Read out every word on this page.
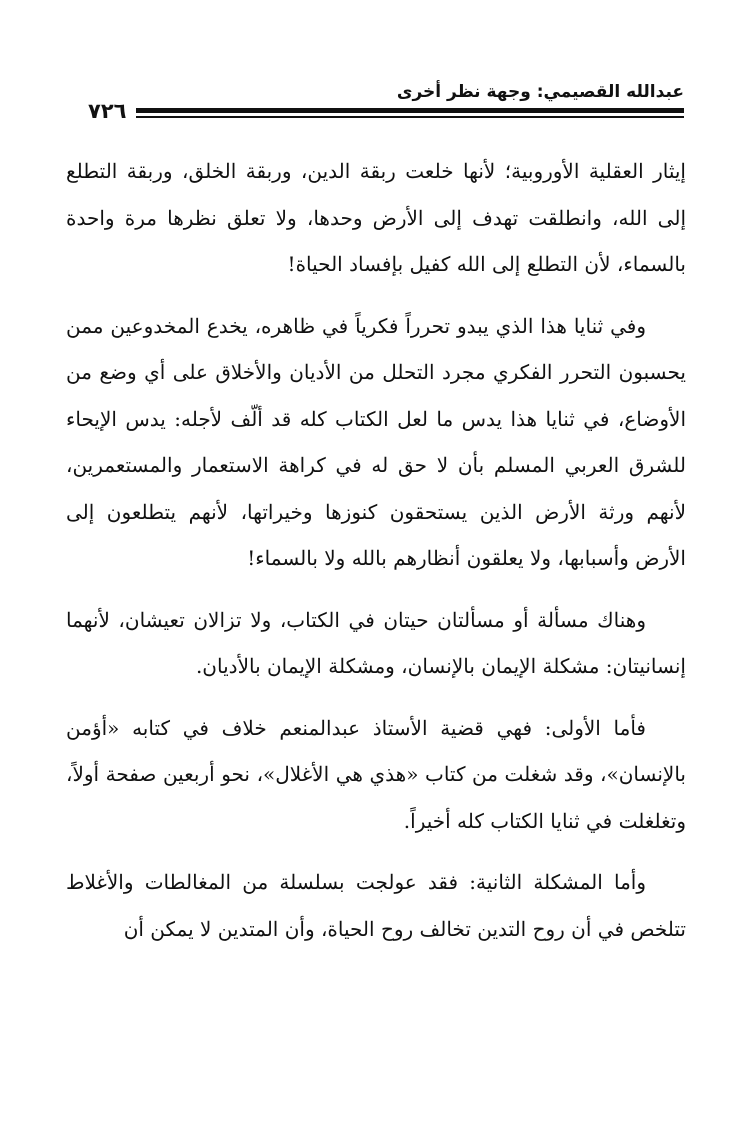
عبدالله القصيمي: وجهة نظر أخرى
٧٢٦

إيثار العقلية الأوروبية؛ لأنها خلعت ربقة الدين، وربقة الخلق، وربقة التطلع إلى الله، وانطلقت تهدف إلى الأرض وحدها، ولا تعلق نظرها مرة واحدة بالسماء، لأن التطلع إلى الله كفيل بإفساد الحياة!

وفي ثنايا هذا الذي يبدو تحرراً فكرياً في ظاهره، يخدع المخدوعين ممن يحسبون التحرر الفكري مجرد التحلل من الأديان والأخلاق على أي وضع من الأوضاع، في ثنايا هذا يدس ما لعل الكتاب كله قد ألّف لأجله: يدس الإيحاء للشرق العربي المسلم بأن لا حق له في كراهة الاستعمار والمستعمرين، لأنهم ورثة الأرض الذين يستحقون كنوزها وخيراتها، لأنهم يتطلعون إلى الأرض وأسبابها، ولا يعلقون أنظارهم بالله ولا بالسماء!

وهناك مسألة أو مسألتان حيتان في الكتاب، ولا تزالان تعيشان، لأنهما إنسانيتان: مشكلة الإيمان بالإنسان، ومشكلة الإيمان بالأديان.

فأما الأولى: فهي قضية الأستاذ عبدالمنعم خلاف في كتابه «أؤمن بالإنسان»، وقد شغلت من كتاب «هذي هي الأغلال»، نحو أربعين صفحة أولاً، وتغلغلت في ثنايا الكتاب كله أخيراً.

وأما المشكلة الثانية: فقد عولجت بسلسلة من المغالطات والأغلاط تتلخص في أن روح التدين تخالف روح الحياة، وأن المتدين لا يمكن أن
